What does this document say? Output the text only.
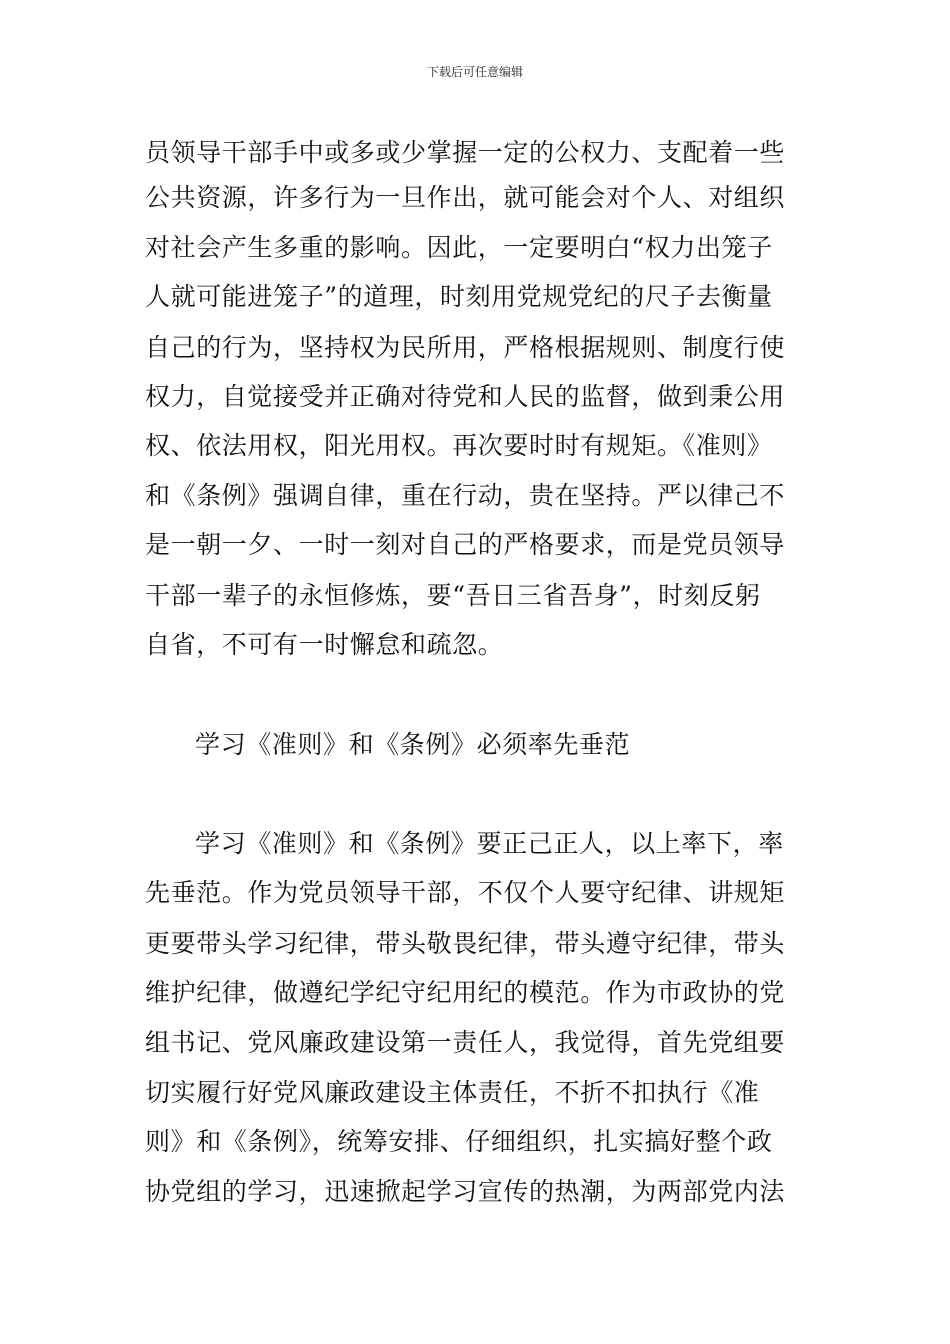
下载后可任意编辑
员领导干部手中或多或少掌握一定的公权力、支配着一些
公共资源，许多行为一旦作出，就可能会对个人、对组织
对社会产生多重的影响。因此，一定要明白“权力出笼子
人就可能进笼子”的道理，时刻用党规党纪的尺子去衡量
自己的行为，坚持权为民所用，严格根据规则、制度行使
权力，自觉接受并正确对待党和人民的监督，做到秉公用
权、依法用权，阳光用权。再次要时时有规矩。《准则》
和《条例》强调自律，重在行动，贵在坚持。严以律己不
是一朝一夕、一时一刻对自己的严格要求，而是党员领导
干部一辈子的永恒修炼，要“吾日三省吾身”，时刻反躬
自省，不可有一时懈怠和疏忽。
学习《准则》和《条例》必须率先垂范
学习《准则》和《条例》要正己正人，以上率下，率
先垂范。作为党员领导干部，不仅个人要守纪律、讲规矩
更要带头学习纪律，带头敬畏纪律，带头遵守纪律，带头
维护纪律，做遵纪学纪守纪用纪的模范。作为市政协的党
组书记、党风廉政建设第一责任人，我觉得，首先党组要
切实履行好党风廉政建设主体责任，不折不扣执行《准
则》和《条例》，统筹安排、仔细组织，扎实搞好整个政
协党组的学习，迅速掀起学习宣传的热潮，为两部党内法
